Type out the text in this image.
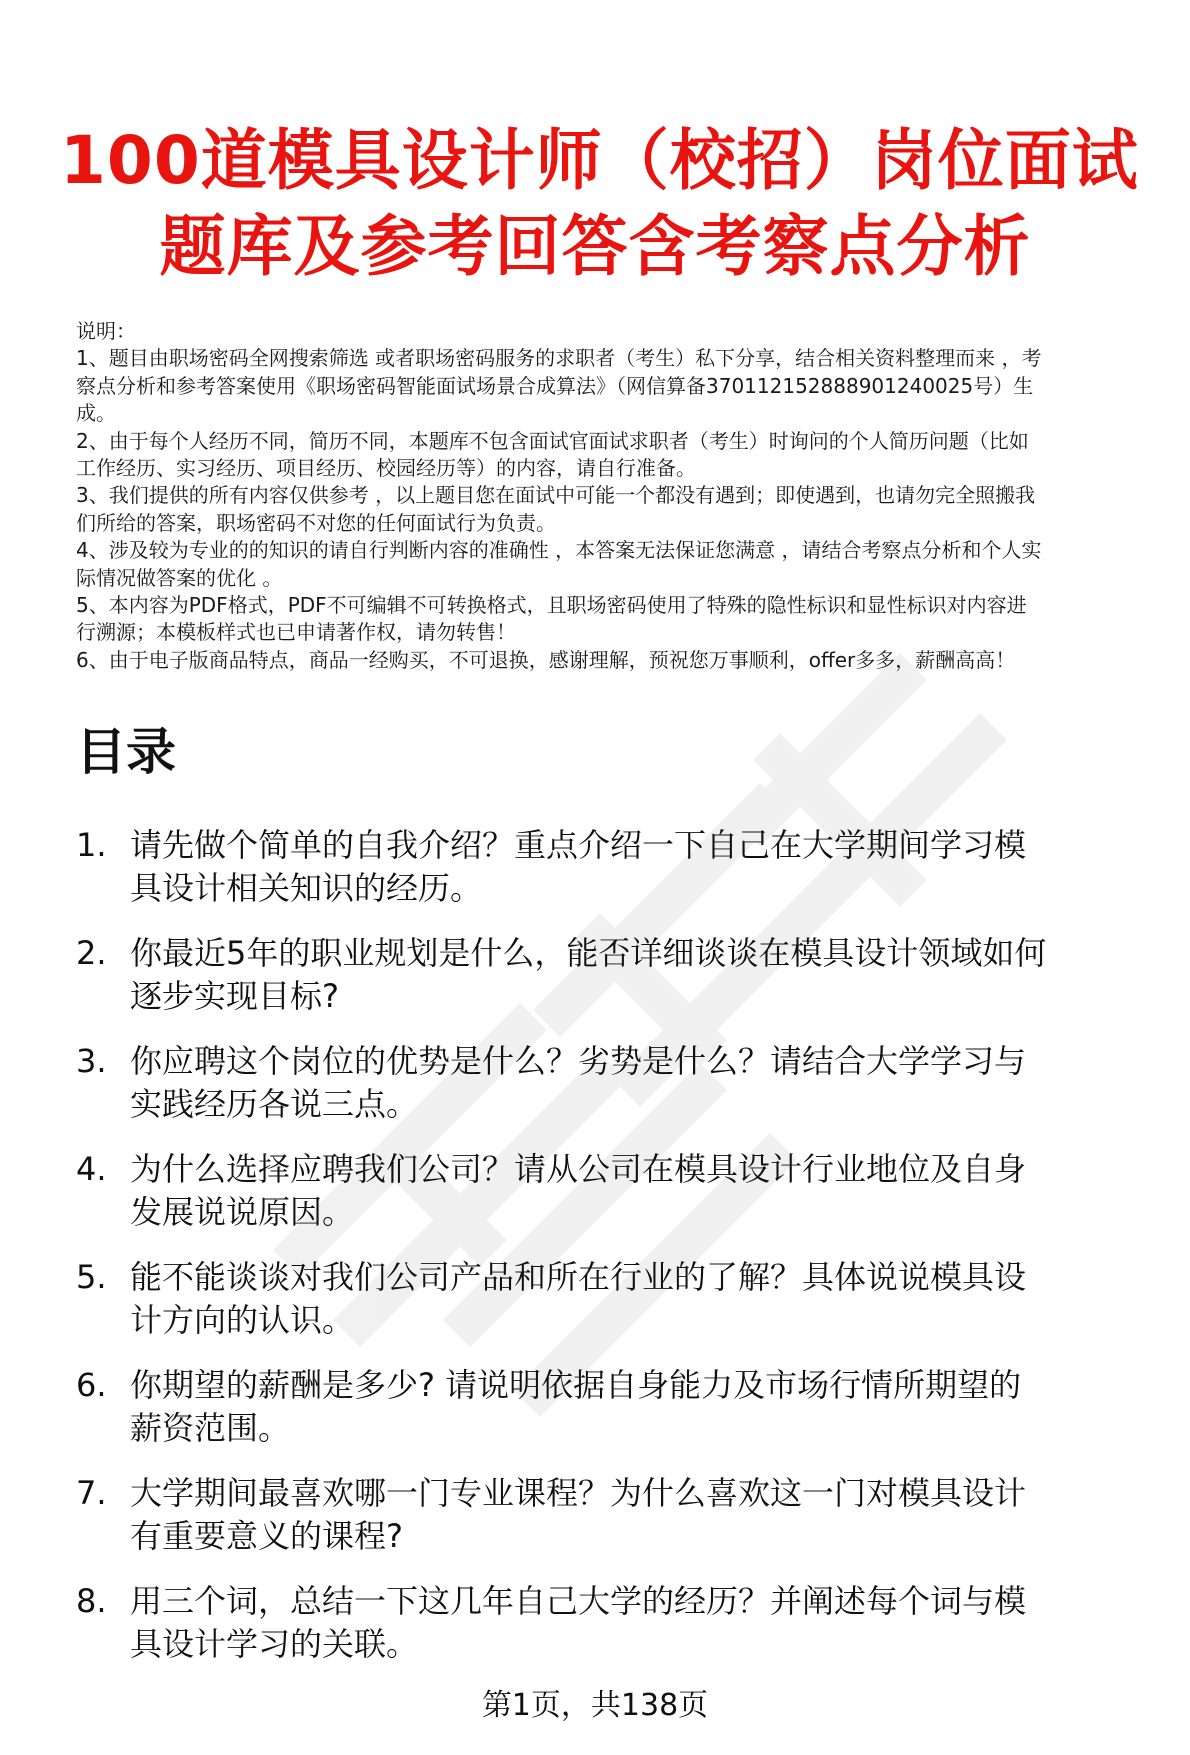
100道模具设计师（校招）岗位面试
题库及参考回答含考察点分析
说明：
1、题目由职场密码全网搜索筛选 或者职场密码服务的求职者（考生）私下分享，结合相关资料整理而来 ，考
察点分析和参考答案使用《职场密码智能面试场景合成算法》（网信算备370112152888901240025号）生
成。
2、由于每个人经历不同，简历不同，本题库不包含面试官面试求职者（考生）时询问的个人简历问题（比如
工作经历、实习经历、项目经历、校园经历等）的内容，请自行准备。
3、我们提供的所有内容仅供参考 ，以上题目您在面试中可能一个都没有遇到；即使遇到，也请勿完全照搬我
们所给的答案，职场密码不对您的任何面试行为负责。
4、涉及较为专业的的知识的请自行判断内容的准确性 ，本答案无法保证您满意 ，请结合考察点分析和个人实
际情况做答案的优化 。
5、本内容为PDF格式，PDF不可编辑不可转换格式，且职场密码使用了特殊的隐性标识和显性标识对内容进
行溯源；本模板样式也已申请著作权，请勿转售！
6、由于电子版商品特点，商品一经购买，不可退换，感谢理解，预祝您万事顺利，offer多多，薪酬高高！
目录
1. 请先做个简单的自我介绍？重点介绍一下自己在大学期间学习模
具设计相关知识的经历。
2. 你最近5年的职业规划是什么，能否详细谈谈在模具设计领域如何
逐步实现目标?
3. 你应聘这个岗位的优势是什么？劣势是什么？请结合大学学习与
实践经历各说三点。
4. 为什么选择应聘我们公司？请从公司在模具设计行业地位及自身
发展说说原因。
5. 能不能谈谈对我们公司产品和所在行业的了解？具体说说模具设
计方向的认识。
6. 你期望的薪酬是多少? 请说明依据自身能力及市场行情所期望的
薪资范围。
7. 大学期间最喜欢哪一门专业课程？为什么喜欢这一门对模具设计
有重要意义的课程?
8. 用三个词，总结一下这几年自己大学的经历？并阐述每个词与模
具设计学习的关联。
第1页，共138页
